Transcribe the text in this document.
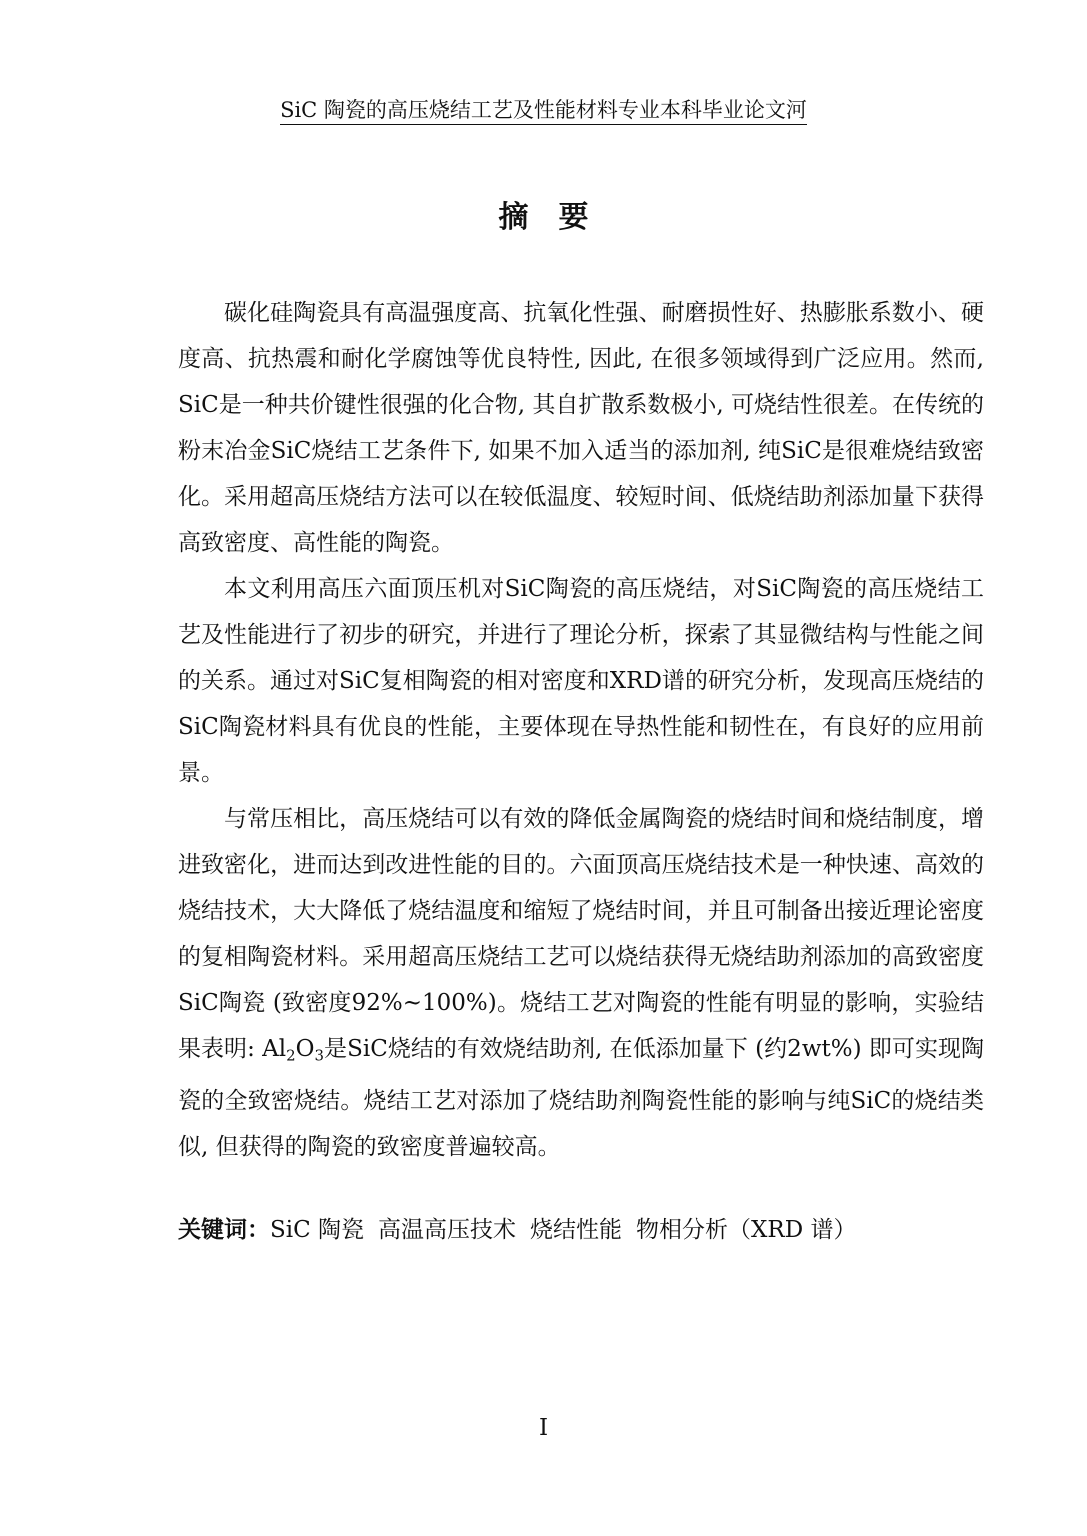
SiC 陶瓷的高压烧结工艺及性能材料专业本科毕业论文河
摘要

碳化硅陶瓷具有高温强度高、抗氧化性强、耐磨损性好、热膨胀系数小、硬度高、抗热震和耐化学腐蚀等优良特性, 因此, 在很多领域得到广泛应用。然而, SiC是一种共价键性很强的化合物, 其自扩散系数极小, 可烧结性很差。在传统的粉末冶金SiC烧结工艺条件下, 如果不加入适当的添加剂, 纯SiC是很难烧结致密化。采用超高压烧结方法可以在较低温度、较短时间、低烧结助剂添加量下获得高致密度、高性能的陶瓷。

本文利用高压六面顶压机对SiC陶瓷的高压烧结，对SiC陶瓷的高压烧结工艺及性能进行了初步的研究，并进行了理论分析，探索了其显微结构与性能之间的关系。通过对SiC复相陶瓷的相对密度和XRD谱的研究分析，发现高压烧结的SiC陶瓷材料具有优良的性能，主要体现在导热性能和韧性在，有良好的应用前景。

与常压相比，高压烧结可以有效的降低金属陶瓷的烧结时间和烧结制度，增进致密化，进而达到改进性能的目的。六面顶高压烧结技术是一种快速、高效的烧结技术，大大降低了烧结温度和缩短了烧结时间，并且可制备出接近理论密度的复相陶瓷材料。采用超高压烧结工艺可以烧结获得无烧结助剂添加的高致密度SiC陶瓷 (致密度92%~100%)。烧结工艺对陶瓷的性能有明显的影响，实验结果表明: $Al_2O_3$是SiC烧结的有效烧结助剂, 在低添加量下 (约2wt%) 即可实现陶瓷的全致密烧结。烧结工艺对添加了烧结助剂陶瓷性能的影响与纯SiC的烧结类似, 但获得的陶瓷的致密度普遍较高。

关键词：SiC 陶瓷 高温高压技术 烧结性能 物相分析（XRD 谱）
I
